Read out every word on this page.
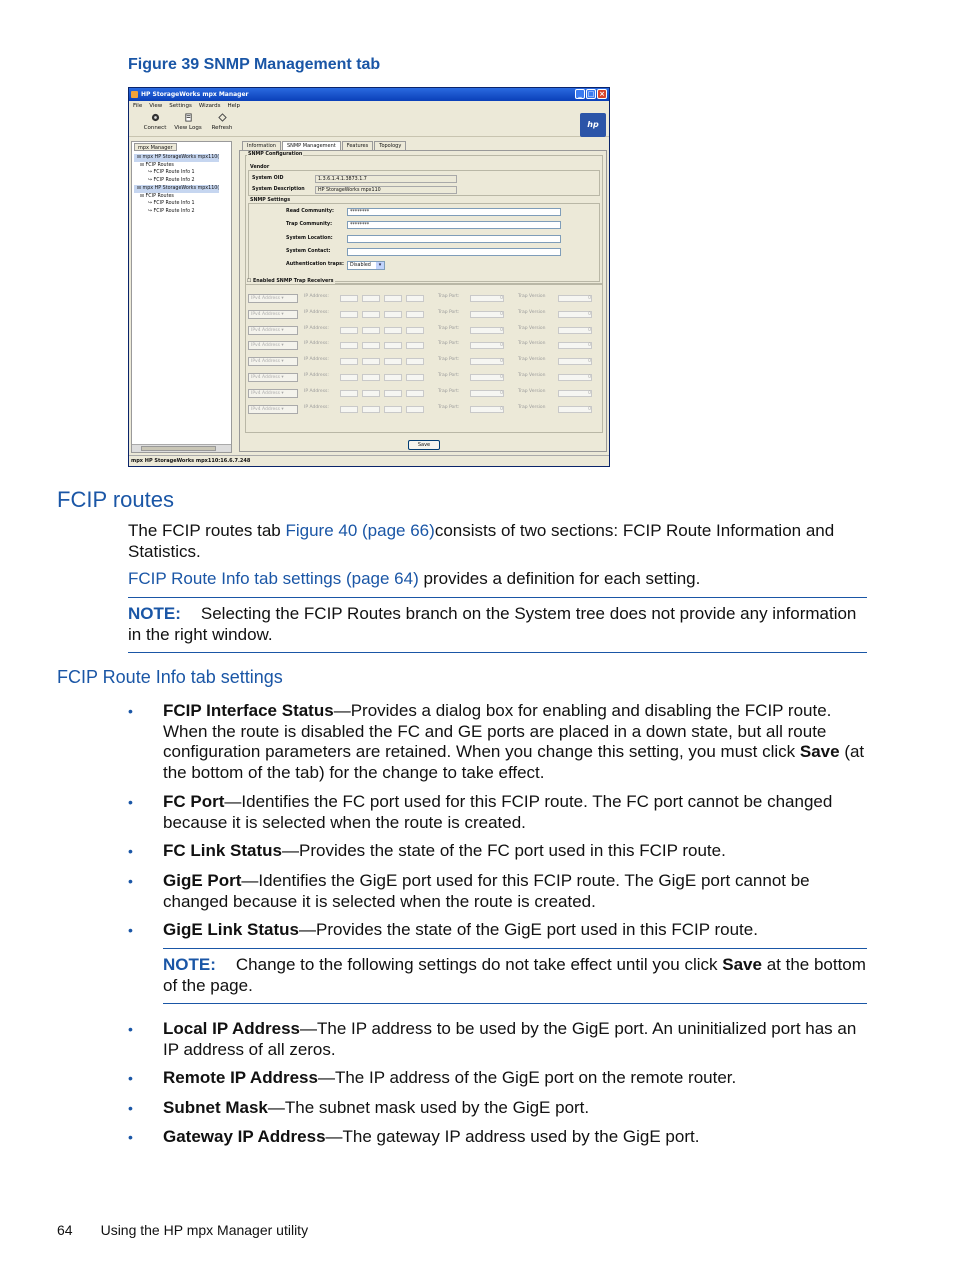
Figure 39 SNMP Management tab
HP StorageWorks mpx Manager	_ □ ×
File View Settings Wizards Help
Connect	View Logs	Refresh	hp
mpx Manager
⊟ mpx HP StorageWorks mpx110(
⊟ FCIP Routes
↪ FCIP Route Info 1
↪ FCIP Route Info 2
⊟ mpx HP StorageWorks mpx110(
⊟ FCIP Routes
↪ FCIP Route Info 1
↪ FCIP Route Info 2
Information	SNMP Management	Features	Topology
SNMP Configuration
Vendor
System OID	1.3.6.1.4.1.3873.1.7
System Description	HP StorageWorks mpx110
SNMP Settings
Read Community:	********
Trap Community:	********
System Location:
System Contact:
Authentication traps:	Disabled	▾
☐ Enabled SNMP Trap Receivers
IPv4 Address ▾	IP Address:	Trap Port:	0	Trap Version	0
IPv4 Address ▾	IP Address:	Trap Port:	0	Trap Version	0
IPv4 Address ▾	IP Address:	Trap Port:	0	Trap Version	0
IPv4 Address ▾	IP Address:	Trap Port:	0	Trap Version	0
IPv4 Address ▾	IP Address:	Trap Port:	0	Trap Version	0
IPv4 Address ▾	IP Address:	Trap Port:	0	Trap Version	0
IPv4 Address ▾	IP Address:	Trap Port:	0	Trap Version	0
IPv4 Address ▾	IP Address:	Trap Port:	0	Trap Version	0
Save
mpx HP StorageWorks mpx110:16.6.7.248
FCIP routes
The FCIP routes tab Figure 40 (page 66)consists of two sections: FCIP Route Information and Statistics.
FCIP Route Info tab settings (page 64) provides a definition for each setting.
NOTE: Selecting the FCIP Routes branch on the System tree does not provide any information in the right window.
FCIP Route Info tab settings
• FCIP Interface Status—Provides a dialog box for enabling and disabling the FCIP route. When the route is disabled the FC and GE ports are placed in a down state, but all route configuration parameters are retained. When you change this setting, you must click Save (at the bottom of the tab) for the change to take effect.
• FC Port—Identifies the FC port used for this FCIP route. The FC port cannot be changed because it is selected when the route is created.
• FC Link Status—Provides the state of the FC port used in this FCIP route.
• GigE Port—Identifies the GigE port used for this FCIP route. The GigE port cannot be changed because it is selected when the route is created.
• GigE Link Status—Provides the state of the GigE port used in this FCIP route.
NOTE: Change to the following settings do not take effect until you click Save at the bottom of the page.
• Local IP Address—The IP address to be used by the GigE port. An uninitialized port has an IP address of all zeros.
• Remote IP Address—The IP address of the GigE port on the remote router.
• Subnet Mask—The subnet mask used by the GigE port.
• Gateway IP Address—The gateway IP address used by the GigE port.
64 Using the HP mpx Manager utility
